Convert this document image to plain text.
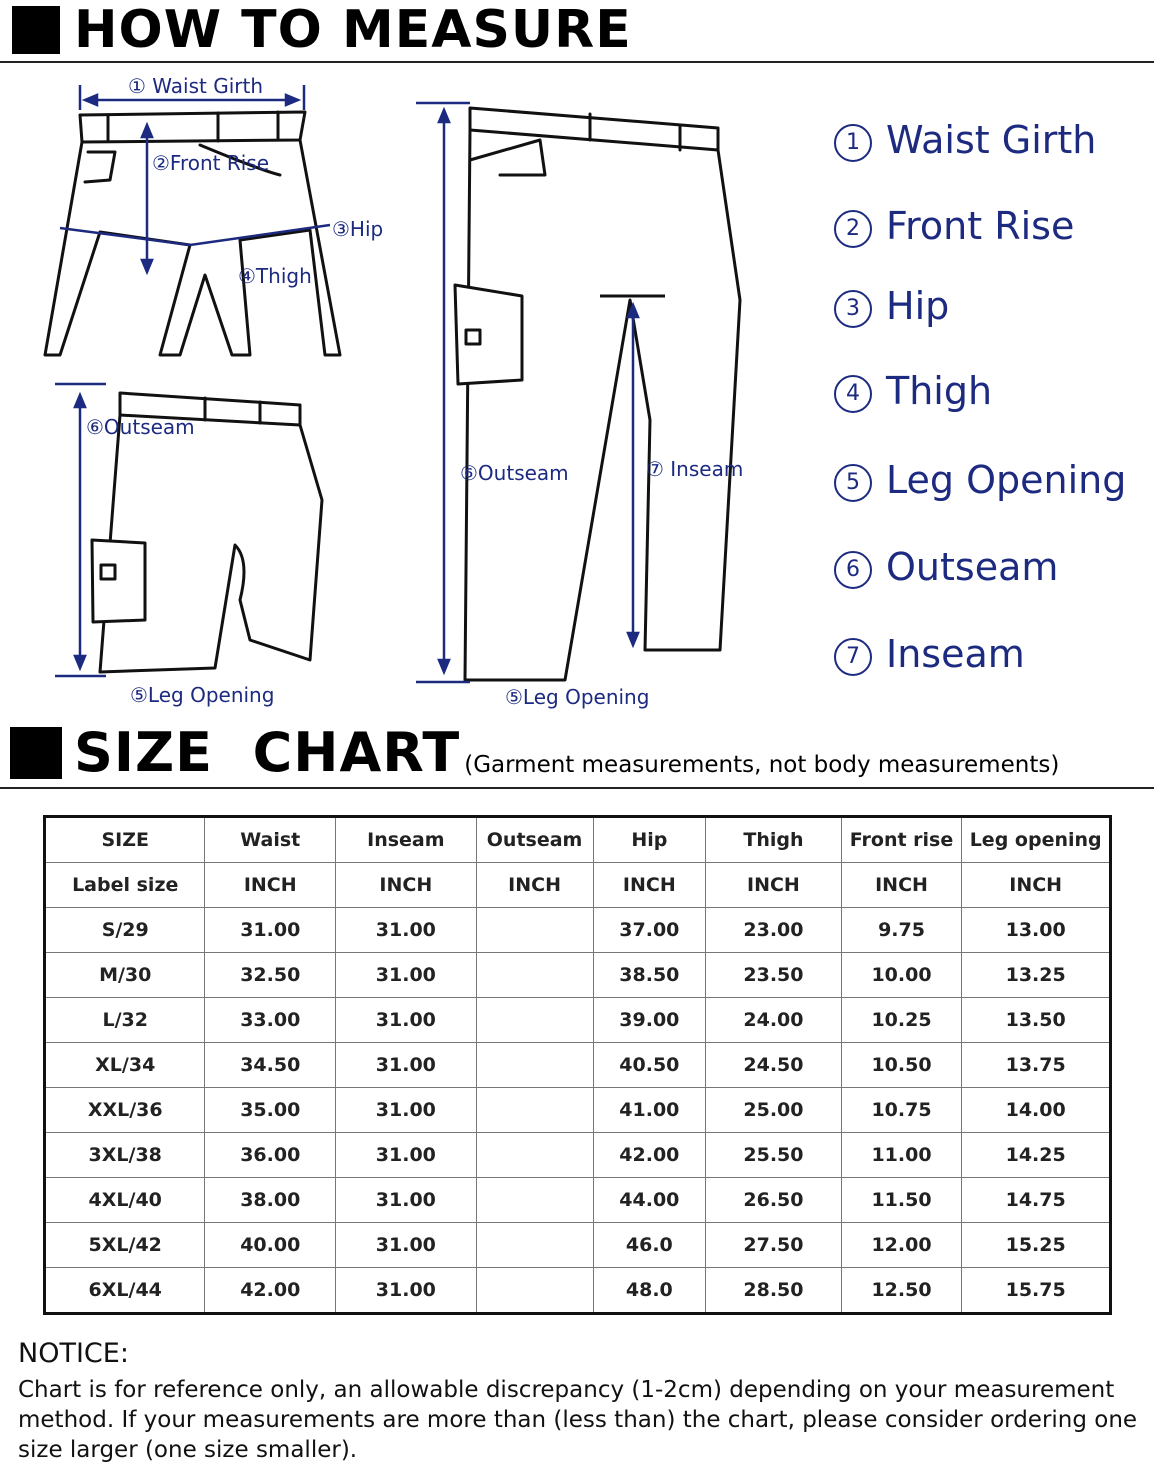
HOW TO MEASURE
① Waist Girth
②Front Rise
③Hip
④Thigh
⑥Outseam
⑥Outseam	⑦ Inseam
⑤Leg Opening	⑤Leg Opening
1 Waist Girth
2 Front Rise
3 Hip
4 Thigh
5 Leg Opening
6 Outseam
7 Inseam
SIZE  CHART (Garment measurements, not body measurements)
SIZE	Waist	Inseam	Outseam	Hip	Thigh	Front rise	Leg opening
Label size	INCH	INCH	INCH	INCH	INCH	INCH	INCH
S/29	31.00	31.00		37.00	23.00	9.75	13.00
M/30	32.50	31.00		38.50	23.50	10.00	13.25
L/32	33.00	31.00		39.00	24.00	10.25	13.50
XL/34	34.50	31.00		40.50	24.50	10.50	13.75
XXL/36	35.00	31.00		41.00	25.00	10.75	14.00
3XL/38	36.00	31.00		42.00	25.50	11.00	14.25
4XL/40	38.00	31.00		44.00	26.50	11.50	14.75
5XL/42	40.00	31.00		46.0	27.50	12.00	15.25
6XL/44	42.00	31.00		48.0	28.50	12.50	15.75
NOTICE:
Chart is for reference only, an allowable discrepancy (1-2cm) depending on your measurement method. If your measurements are more than (less than) the chart, please consider ordering one size larger (one size smaller).
